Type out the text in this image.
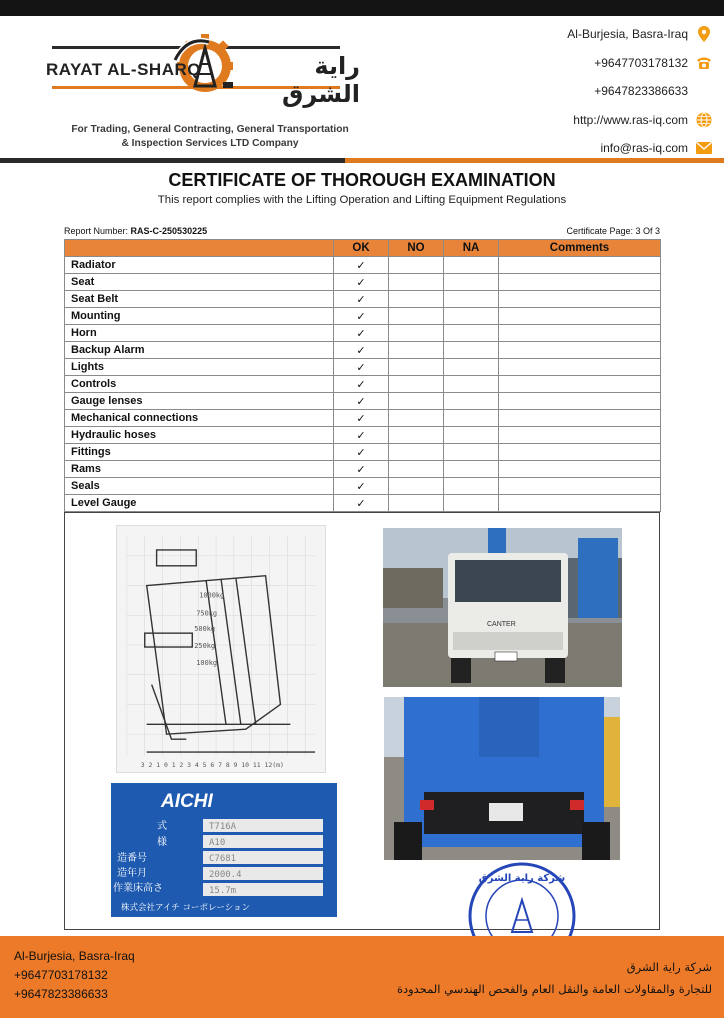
RAYAT AL-SHARQ	راية الشرق
For Trading, General Contracting, General Transportation
& Inspection Services LTD Company
Al-Burjesia, Basra-Iraq
+9647703178132
+9647823386633
http://www.ras-iq.com
info@ras-iq.com
CERTIFICATE OF THOROUGH EXAMINATION
This report complies with the Lifting Operation and Lifting Equipment Regulations
Report Number: RAS-C-250530225	Certificate Page: 3 Of 3
	OK	NO	NA	Comments
Radiator	✓			
Seat	✓			
Seat Belt	✓			
Mounting	✓			
Horn	✓			
Backup Alarm	✓			
Lights	✓			
Controls	✓			
Gauge lenses	✓			
Mechanical connections	✓			
Hydraulic hoses	✓			
Fittings	✓			
Rams	✓			
Seals	✓			
Level Gauge	✓			
1000kg
750kg
500kg
250kg
100kg
3 2 1 0 1 2 3 4 5 6 7 8 9 10 11 12(m)
AICHI
式
様
造番号
造年月
作業床高さ
T716A
A10
C7681
2000.4
15.7m
株式会社アイチ コーポレーション
CANTER
شركة راية الشرق
Al-Burjesia, Basra-Iraq
+9647703178132
+9647823386633
شركة راية الشرق
للتجارة والمقاولات العامة والنقل العام والفحص الهندسي المحدودة
